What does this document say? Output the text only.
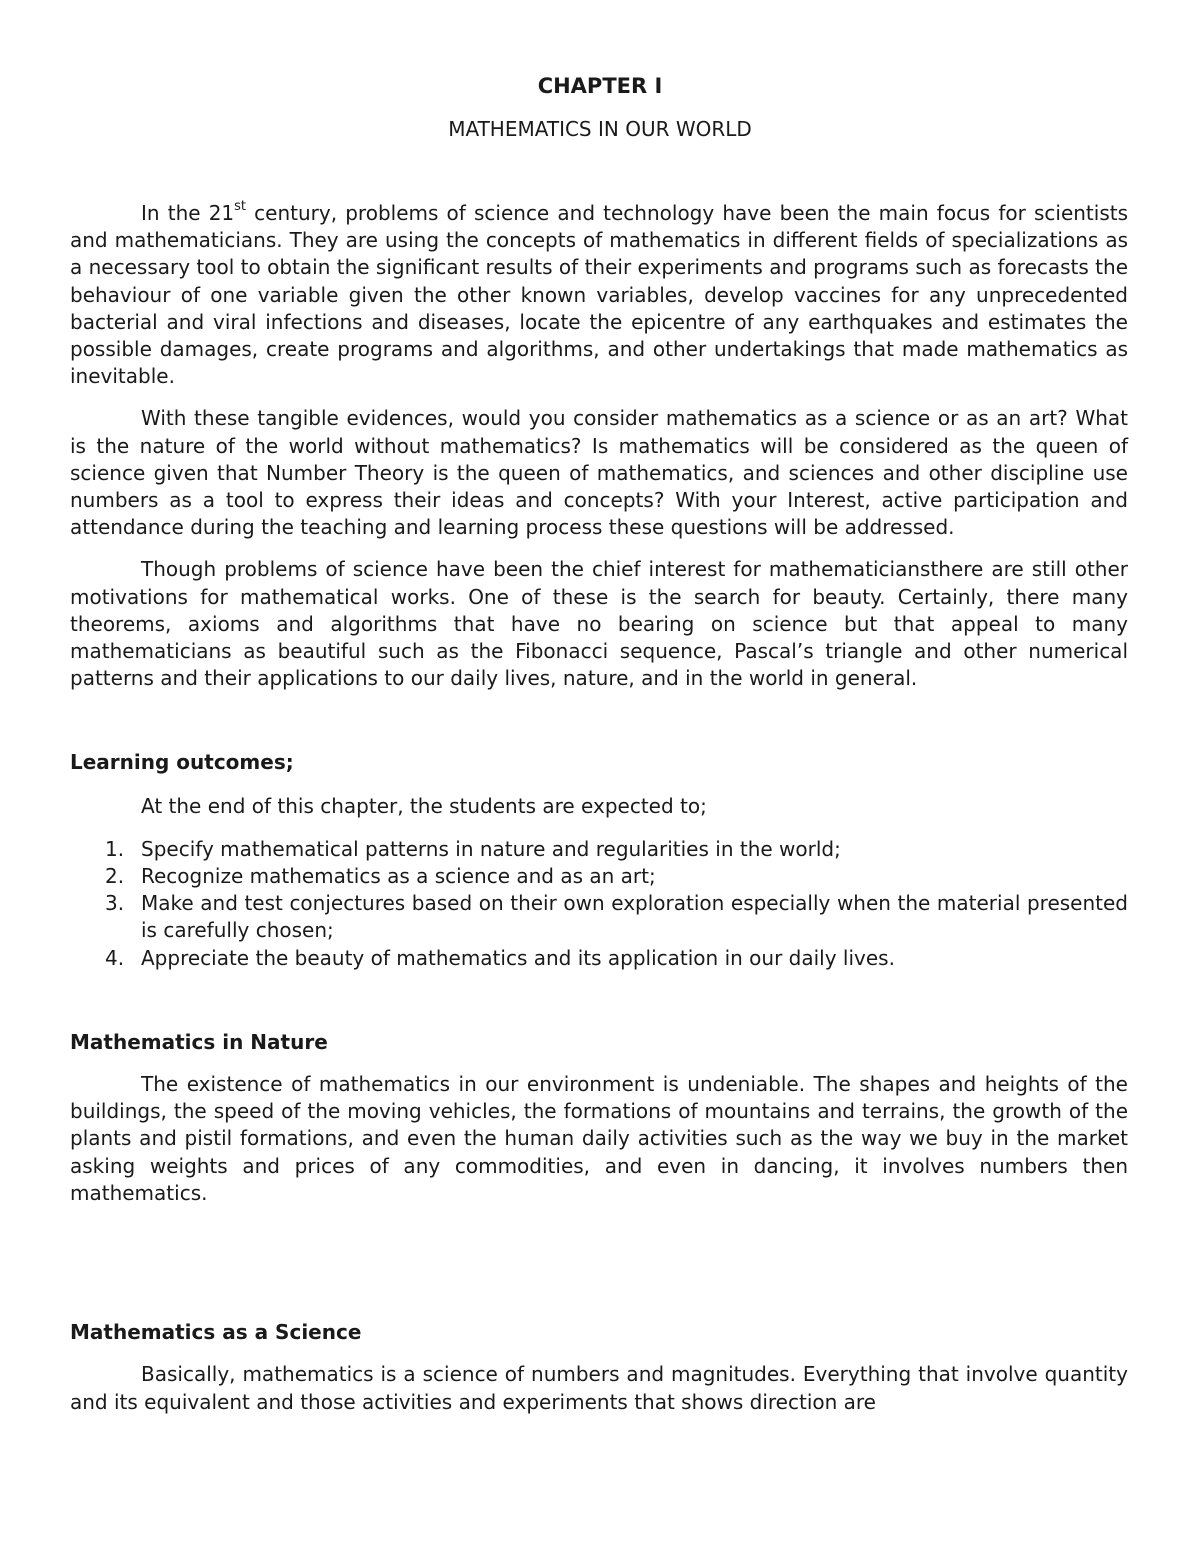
CHAPTER I
MATHEMATICS IN OUR WORLD

In the 21st century, problems of science and technology have been the main focus for scientists and mathematicians. They are using the concepts of mathematics in different fields of specializations as a necessary tool to obtain the significant results of their experiments and programs such as forecasts the behaviour of one variable given the other known variables, develop vaccines for any unprecedented bacterial and viral infections and diseases, locate the epicentre of any earthquakes and estimates the possible damages, create programs and algorithms, and other undertakings that made mathematics as inevitable.

With these tangible evidences, would you consider mathematics as a science or as an art? What is the nature of the world without mathematics? Is mathematics will be considered as the queen of science given that Number Theory is the queen of mathematics, and sciences and other discipline use numbers as a tool to express their ideas and concepts? With your Interest, active participation and attendance during the teaching and learning process these questions will be addressed.

Though problems of science have been the chief interest for mathematiciansthere are still other motivations for mathematical works. One of these is the search for beauty. Certainly, there many theorems, axioms and algorithms that have no bearing on science but that appeal to many mathematicians as beautiful such as the Fibonacci sequence, Pascal’s triangle and other numerical patterns and their applications to our daily lives, nature, and in the world in general.

Learning outcomes;
At the end of this chapter, the students are expected to;
1. Specify mathematical patterns in nature and regularities in the world;
2. Recognize mathematics as a science and as an art;
3. Make and test conjectures based on their own exploration especially when the material presented is carefully chosen;
4. Appreciate the beauty of mathematics and its application in our daily lives.
Mathematics in Nature

The existence of mathematics in our environment is undeniable. The shapes and heights of the buildings, the speed of the moving vehicles, the formations of mountains and terrains, the growth of the plants and pistil formations, and even the human daily activities such as the way we buy in the market asking weights and prices of any commodities, and even in dancing, it involves numbers then mathematics.

Mathematics as a Science

Basically, mathematics is a science of numbers and magnitudes. Everything that involve quantity and its equivalent and those activities and experiments that shows direction are
